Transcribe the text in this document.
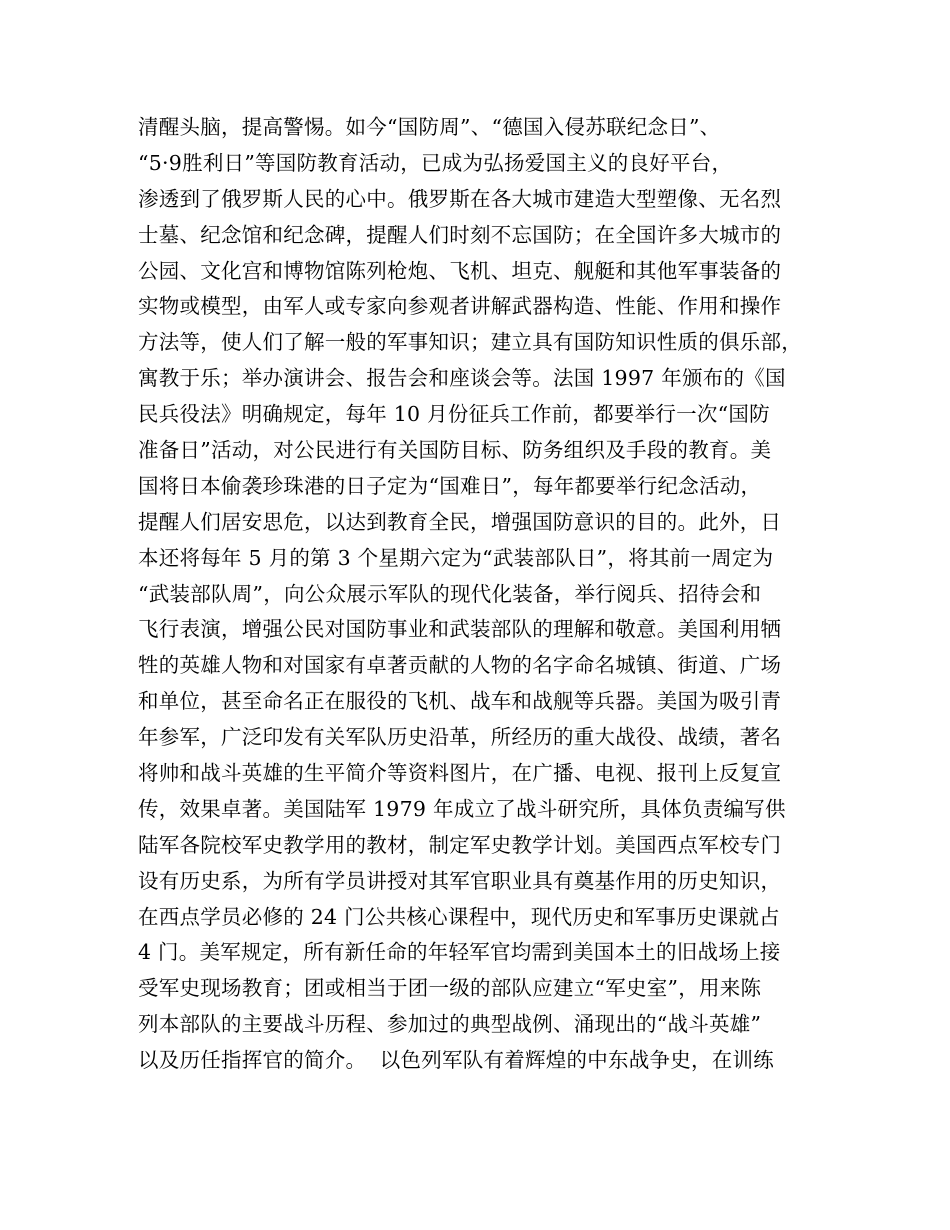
清醒头脑，提高警惕。如今“国防周”、“德国入侵苏联纪念日”、
“5·9胜利日”等国防教育活动，已成为弘扬爱国主义的良好平台，
渗透到了俄罗斯人民的心中。俄罗斯在各大城市建造大型塑像、无名烈
士墓、纪念馆和纪念碑，提醒人们时刻不忘国防；在全国许多大城市的
公园、文化宫和博物馆陈列枪炮、飞机、坦克、舰艇和其他军事装备的
实物或模型，由军人或专家向参观者讲解武器构造、性能、作用和操作
方法等，使人们了解一般的军事知识；建立具有国防知识性质的俱乐部，
寓教于乐；举办演讲会、报告会和座谈会等。法国 1997 年颁布的《国
民兵役法》明确规定，每年 10 月份征兵工作前，都要举行一次“国防
准备日”活动，对公民进行有关国防目标、防务组织及手段的教育。美
国将日本偷袭珍珠港的日子定为“国难日”，每年都要举行纪念活动，
提醒人们居安思危，以达到教育全民，增强国防意识的目的。此外，日
本还将每年 5 月的第 3 个星期六定为“武装部队日”，将其前一周定为
“武装部队周”，向公众展示军队的现代化装备，举行阅兵、招待会和
飞行表演，增强公民对国防事业和武装部队的理解和敬意。美国利用牺
牲的英雄人物和对国家有卓著贡献的人物的名字命名城镇、街道、广场
和单位，甚至命名正在服役的飞机、战车和战舰等兵器。美国为吸引青
年参军，广泛印发有关军队历史沿革，所经历的重大战役、战绩，著名
将帅和战斗英雄的生平简介等资料图片，在广播、电视、报刊上反复宣
传，效果卓著。美国陆军 1979 年成立了战斗研究所，具体负责编写供
陆军各院校军史教学用的教材，制定军史教学计划。美国西点军校专门
设有历史系，为所有学员讲授对其军官职业具有奠基作用的历史知识，
在西点学员必修的 24 门公共核心课程中，现代历史和军事历史课就占
4 门。美军规定，所有新任命的年轻军官均需到美国本土的旧战场上接
受军史现场教育；团或相当于团一级的部队应建立“军史室”，用来陈
列本部队的主要战斗历程、参加过的典型战例、涌现出的“战斗英雄”
以及历任指挥官的简介。  以色列军队有着辉煌的中东战争史，在训练
